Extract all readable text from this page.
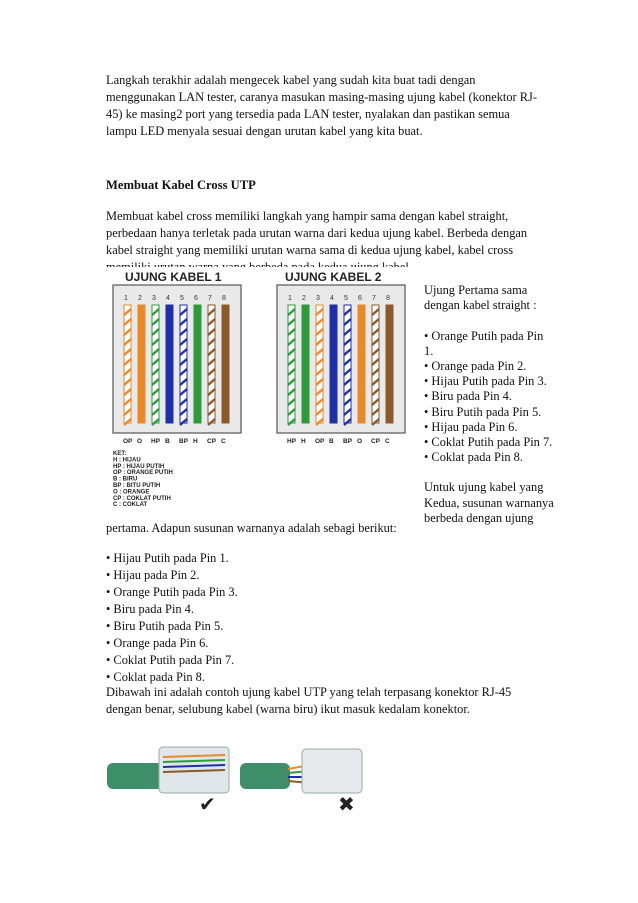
Langkah terakhir adalah mengecek kabel yang sudah kita buat tadi dengan
menggunakan LAN tester, caranya masukan masing-masing ujung kabel (konektor RJ-
45) ke masing2 port yang tersedia pada LAN tester, nyalakan dan pastikan semua
lampu LED menyala sesuai dengan urutan kabel yang kita buat.
Membuat Kabel Cross UTP
Membuat kabel cross memiliki langkah yang hampir sama dengan kabel straight,
perbedaan hanya terletak pada urutan warna dari kedua ujung kabel. Berbeda dengan
kabel straight yang memiliki urutan warna sama di kedua ujung kabel, kabel cross
UJUNG KABEL 1	UJUNG KABEL 2
1
OP
2
O
3
HP
4
B
5
BP
6
H
7
CP
8
C
1
HP
2
H
3
OP
4
B
5
BP
6
O
7
CP
8
C
KET:
H : HIJAU
HP : HIJAU PUTIH
OP : ORANGE PUTIH
B : BIRU
BP : BITU PUTIH
O : ORANGE
CP : COKLAT PUTIH
C : COKLAT
Ujung Pertama sama
dengan kabel straight :

• Orange Putih pada Pin
1.
• Orange pada Pin 2.
• Hijau Putih pada Pin 3.
• Biru pada Pin 4.
• Biru Putih pada Pin 5.
• Hijau pada Pin 6.
• Coklat Putih pada Pin 7.
• Coklat pada Pin 8.
Untuk ujung kabel yang
Kedua, susunan warnanya
berbeda dengan ujung
pertama. Adapun susunan warnanya adalah sebagi berikut:
• Hijau Putih pada Pin 1.
• Hijau pada Pin 2.
• Orange Putih pada Pin 3.
• Biru pada Pin 4.
• Biru Putih pada Pin 5.
• Orange pada Pin 6.
• Coklat Putih pada Pin 7.
• Coklat pada Pin 8.
Dibawah ini adalah contoh ujung kabel UTP yang telah terpasang konektor RJ-45
dengan benar, selubung kabel (warna biru) ikut masuk kedalam konektor.
✔	✖
